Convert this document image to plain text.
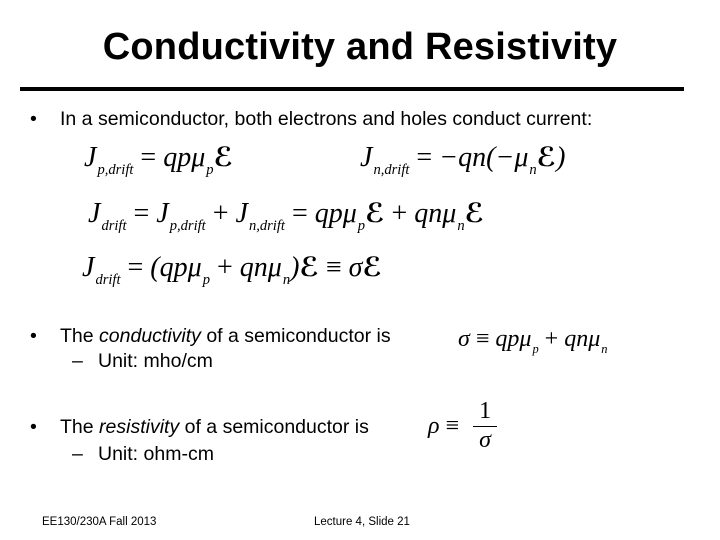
Conductivity and Resistivity
• In a semiconductor, both electrons and holes conduct current:
$J_{p,drift}$ = qpμ$_p$ℰ	$J_{n,drift}$ = $-qn(-\mu_nℰ)$
$J_{drift} = J_{p,drift} + J_{n,drift}$ = qpμ$_p$ℰ + qnμ$_n$ℰ
$J_{drift} = (qp\mu_p$ + qnμ$_n$)ℰ ≡ σℰ
• The conductivity of a semiconductor is	σ ≡ qpμ$_p$ + qnμ$_n$
– Unit: mho/cm
• The resistivity of a semiconductor is $\rho \equiv \frac{1}{\sigma}$
– Unit: ohm-cm
EE130/230A Fall 2013	Lecture 4, Slide 21
